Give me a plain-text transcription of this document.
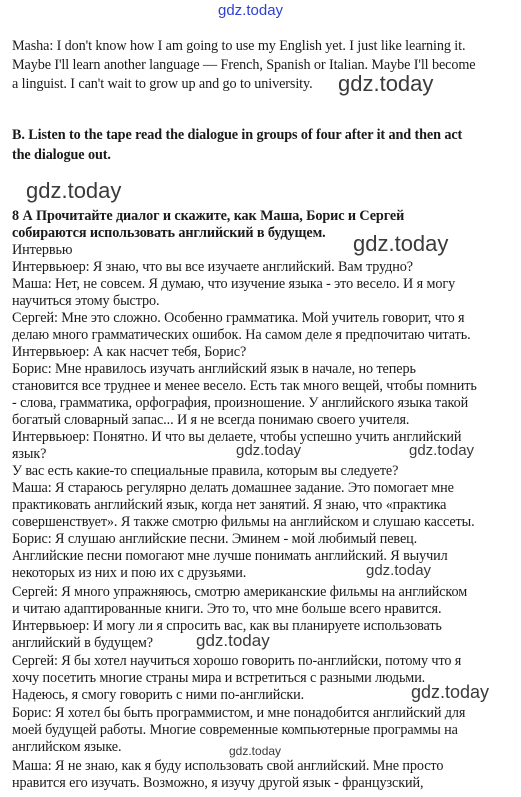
Masha: I don't know how I am going to use my English yet. I just like learning it.
Maybe I'll learn another language — French, Spanish or Italian. Maybe I'll become
a linguist. I can't wait to grow up and go to university.
B. Listen to the tape read the dialogue in groups of four after it and then act
the dialogue out.
8 А Прочитайте диалог и скажите, как Маша, Борис и Сергей
собираются использовать английский в будущем.
Интервью
Интервьюер: Я знаю, что вы все изучаете английский. Вам трудно?
Маша: Нет, не совсем. Я думаю, что изучение языка - это весело. И я могу
научиться этому быстро.
Сергей: Мне это сложно. Особенно грамматика. Мой учитель говорит, что я
делаю много грамматических ошибок. На самом деле я предпочитаю читать.
Интервьюер: А как насчет тебя, Борис?
Борис: Мне нравилось изучать английский язык в начале, но теперь
становится все труднее и менее весело. Есть так много вещей, чтобы помнить
- слова, грамматика, орфография, произношение. У английского языка такой
богатый словарный запас... И я не всегда понимаю своего учителя.
Интервьюер: Понятно. И что вы делаете, чтобы успешно учить английский
язык?
У вас есть какие-то специальные правила, которым вы следуете?
Маша: Я стараюсь регулярно делать домашнее задание. Это помогает мне
практиковать английский язык, когда нет занятий. Я знаю, что «практика
совершенствует». Я также смотрю фильмы на английском и слушаю кассеты.
Борис: Я слушаю английские песни. Эминем - мой любимый певец.
Английские песни помогают мне лучше понимать английский. Я выучил
некоторых из них и пою их с друзьями.
Сергей: Я много упражняюсь, смотрю американские фильмы на английском
и читаю адаптированные книги. Это то, что мне больше всего нравится.
Интервьюер: И могу ли я спросить вас, как вы планируете использовать
английский в будущем?
Сергей: Я бы хотел научиться хорошо говорить по-английски, потому что я
хочу посетить многие страны мира и встретиться с разными людьми.
Надеюсь, я смогу говорить с ними по-английски.
Борис: Я хотел бы быть программистом, и мне понадобится английский для
моей будущей работы. Многие современные компьютерные программы на
английском языке.
Маша: Я не знаю, как я буду использовать свой английский. Мне просто
нравится его изучать. Возможно, я изучу другой язык - французский,
gdz.today
gdz.today
gdz.today
gdz.today
gdz.today	gdz.today
gdz.today
gdz.today
gdz.today
gdz.today
